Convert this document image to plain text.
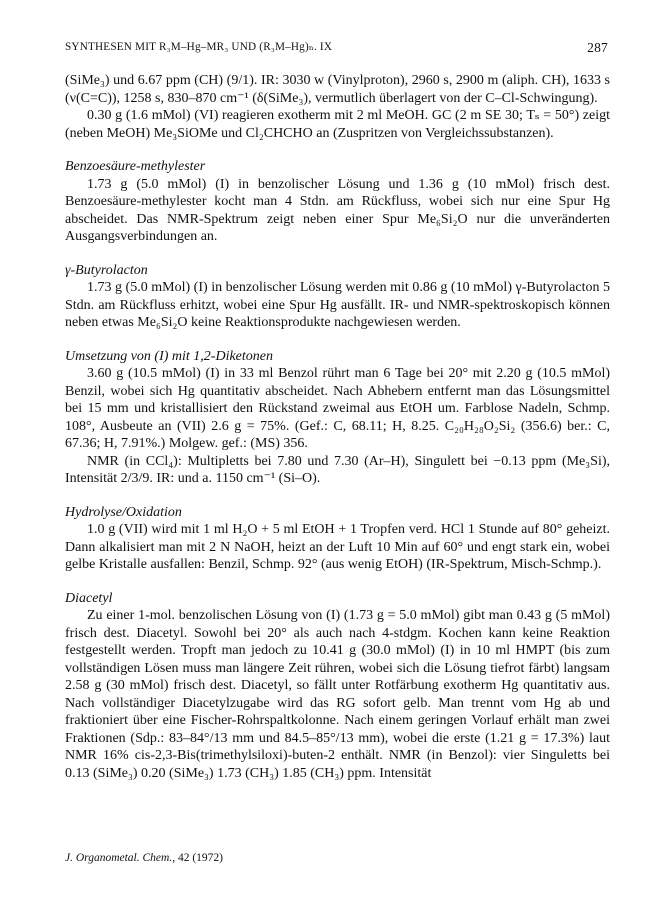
SYNTHESEN MIT R₃M–Hg–MR₃ UND (R₃M–Hg)ₙ. IX	287

(SiMe₃) und 6.67 ppm (CH) (9/1). IR: 3030 w (Vinylproton), 2960 s, 2900 m (aliph. CH), 1633 s (ν(C=C)), 1258 s, 830–870 cm⁻¹ (δ(SiMe₃), vermutlich überlagert von der C–Cl-Schwingung).

0.30 g (1.6 mMol) (VI) reagieren exotherm mit 2 ml MeOH. GC (2 m SE 30; Tₛ = 50°) zeigt (neben MeOH) Me₃SiOMe und Cl₂CHCHO an (Zuspritzen von Vergleichssubstanzen).

Benzoesäure-methylester

1.73 g (5.0 mMol) (I) in benzolischer Lösung und 1.36 g (10 mMol) frisch dest. Benzoesäure-methylester kocht man 4 Stdn. am Rückfluss, wobei sich nur eine Spur Hg abscheidet. Das NMR-Spektrum zeigt neben einer Spur Me₆Si₂O nur die unveränderten Ausgangsverbindungen an.

γ-Butyrolacton

1.73 g (5.0 mMol) (I) in benzolischer Lösung werden mit 0.86 g (10 mMol) γ-Butyrolacton 5 Stdn. am Rückfluss erhitzt, wobei eine Spur Hg ausfällt. IR- und NMR-spektroskopisch können neben etwas Me₆Si₂O keine Reaktionsprodukte nachgewiesen werden.

Umsetzung von (I) mit 1,2-Diketonen

3.60 g (10.5 mMol) (I) in 33 ml Benzol rührt man 6 Tage bei 20° mit 2.20 g (10.5 mMol) Benzil, wobei sich Hg quantitativ abscheidet. Nach Abhebern entfernt man das Lösungsmittel bei 15 mm und kristallisiert den Rückstand zweimal aus EtOH um. Farblose Nadeln, Schmp. 108°, Ausbeute an (VII) 2.6 g = 75%. (Gef.: C, 68.11; H, 8.25. C₂₀H₂₈O₂Si₂ (356.6) ber.: C, 67.36; H, 7.91%.) Molgew. gef.: (MS) 356.

NMR (in CCl₄): Multipletts bei 7.80 und 7.30 (Ar–H), Singulett bei −0.13 ppm (Me₃Si), Intensität 2/3/9. IR: und a. 1150 cm⁻¹ (Si–O).

Hydrolyse/Oxidation

1.0 g (VII) wird mit 1 ml H₂O + 5 ml EtOH + 1 Tropfen verd. HCl 1 Stunde auf 80° geheizt. Dann alkalisiert man mit 2 N NaOH, heizt an der Luft 10 Min auf 60° und engt stark ein, wobei gelbe Kristalle ausfallen: Benzil, Schmp. 92° (aus wenig EtOH) (IR-Spektrum, Misch-Schmp.).

Diacetyl

Zu einer 1-mol. benzolischen Lösung von (I) (1.73 g = 5.0 mMol) gibt man 0.43 g (5 mMol) frisch dest. Diacetyl. Sowohl bei 20° als auch nach 4-stdgm. Kochen kann keine Reaktion festgestellt werden. Tropft man jedoch zu 10.41 g (30.0 mMol) (I) in 10 ml HMPT (bis zum vollständigen Lösen muss man längere Zeit rühren, wobei sich die Lösung tiefrot färbt) langsam 2.58 g (30 mMol) frisch dest. Diacetyl, so fällt unter Rotfärbung exotherm Hg quantitativ aus. Nach vollständiger Diacetylzugabe wird das RG sofort gelb. Man trennt vom Hg ab und fraktioniert über eine Fischer-Rohrspaltkolonne. Nach einem geringen Vorlauf erhält man zwei Fraktionen (Sdp.: 83–84°/13 mm und 84.5–85°/13 mm), wobei die erste (1.21 g = 17.3%) laut NMR 16% cis-2,3-Bis(trimethylsiloxi)-buten-2 enthält. NMR (in Benzol): vier Singuletts bei 0.13 (SiMe₃) 0.20 (SiMe₃) 1.73 (CH₃) 1.85 (CH₃) ppm. Intensität

J. Organometal. Chem., 42 (1972)
